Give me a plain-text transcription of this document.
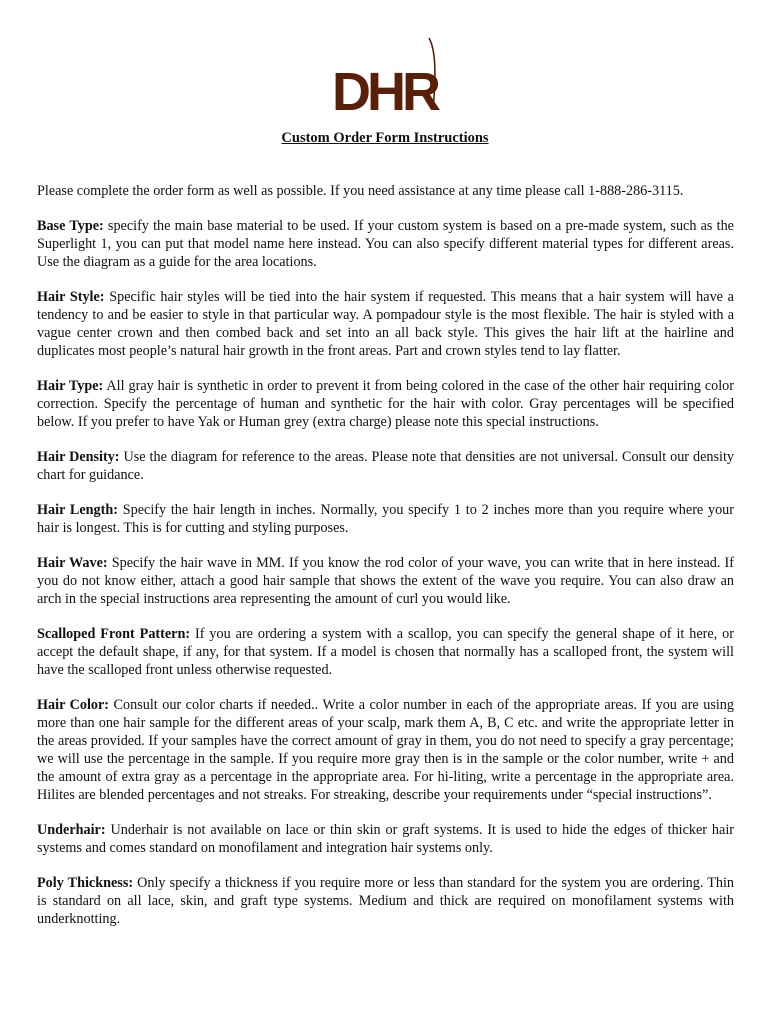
DHR
Custom Order Form Instructions

Please complete the order form as well as possible. If you need assistance at any time please call 1-888-286-3115.

Base Type: specify the main base material to be used. If your custom system is based on a pre-made system, such as the Superlight 1, you can put that model name here instead. You can also specify different material types for different areas. Use the diagram as a guide for the area locations.

Hair Style: Specific hair styles will be tied into the hair system if requested. This means that a hair system will have a tendency to and be easier to style in that particular way. A pompadour style is the most flexible. The hair is styled with a vague center crown and then combed back and set into an all back style. This gives the hair lift at the hairline and duplicates most people’s natural hair growth in the front areas. Part and crown styles tend to lay flatter.

Hair Type: All gray hair is synthetic in order to prevent it from being colored in the case of the other hair requiring color correction. Specify the percentage of human and synthetic for the hair with color. Gray percentages will be specified below. If you prefer to have Yak or Human grey (extra charge) please note this special instructions.

Hair Density: Use the diagram for reference to the areas. Please note that densities are not universal. Consult our density chart for guidance.

Hair Length: Specify the hair length in inches. Normally, you specify 1 to 2 inches more than you require where your hair is longest. This is for cutting and styling purposes.

Hair Wave: Specify the hair wave in MM. If you know the rod color of your wave, you can write that in here instead. If you do not know either, attach a good hair sample that shows the extent of the wave you require. You can also draw an arch in the special instructions area representing the amount of curl you would like.

Scalloped Front Pattern: If you are ordering a system with a scallop, you can specify the general shape of it here, or accept the default shape, if any, for that system. If a model is chosen that normally has a scalloped front, the system will have the scalloped front unless otherwise requested.

Hair Color: Consult our color charts if needed.. Write a color number in each of the appropriate areas. If you are using more than one hair sample for the different areas of your scalp, mark them A, B, C etc. and write the appropriate letter in the areas provided. If your samples have the correct amount of gray in them, you do not need to specify a gray percentage; we will use the percentage in the sample. If you require more gray then is in the sample or the color number, write + and the amount of extra gray as a percentage in the appropriate area. For hi-liting, write a percentage in the appropriate area. Hilites are blended percentages and not streaks. For streaking, describe your requirements under “special instructions”.

Underhair: Underhair is not available on lace or thin skin or graft systems. It is used to hide the edges of thicker hair systems and comes standard on monofilament and integration hair systems only.

Poly Thickness: Only specify a thickness if you require more or less than standard for the system you are ordering. Thin is standard on all lace, skin, and graft type systems. Medium and thick are required on monofilament systems with underknotting.
